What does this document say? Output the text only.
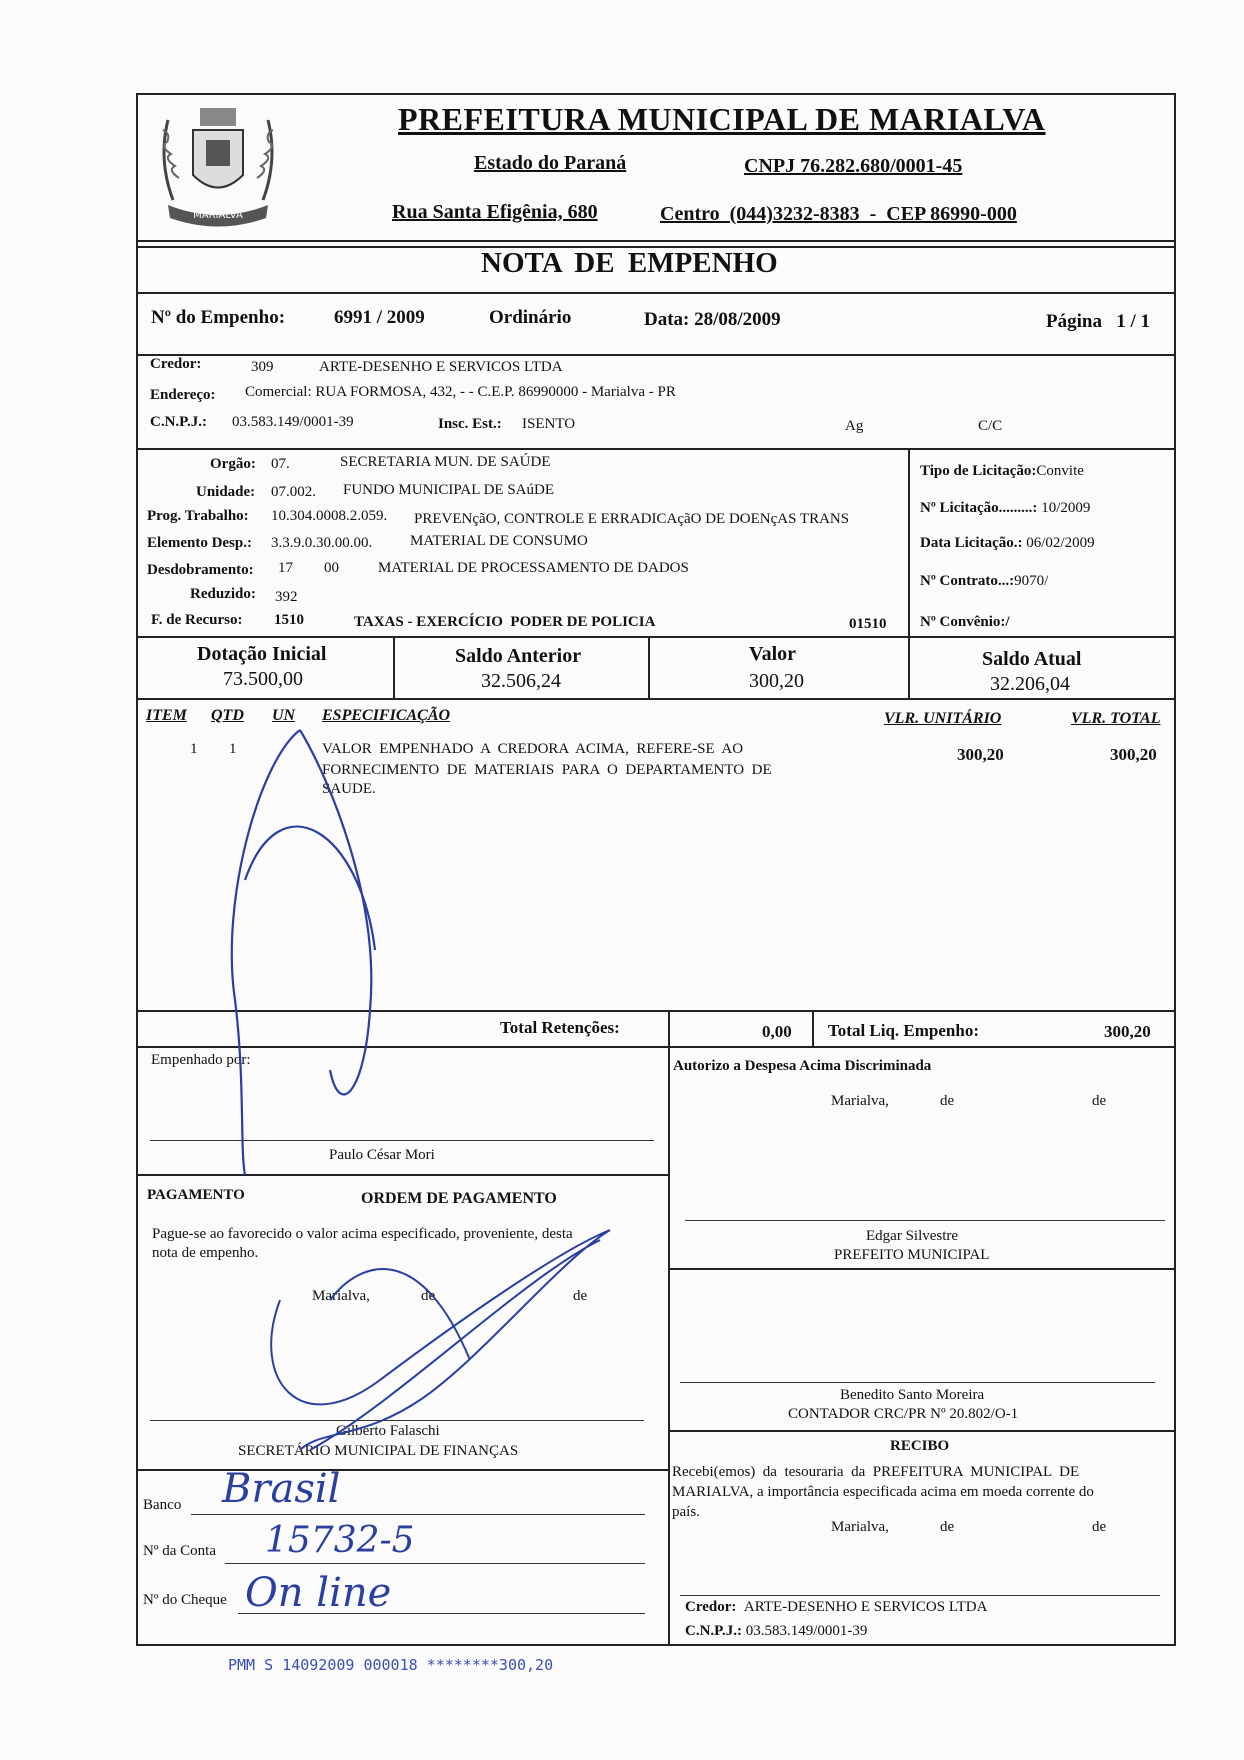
MARIALVA
PREFEITURA MUNICIPAL DE MARIALVA
Estado do Paraná	CNPJ 76.282.680/0001-45
Rua Santa Efigênia, 680	Centro  (044)3232-8383  -  CEP 86990-000
NOTA DE EMPENHO
Nº do Empenho:	6991 / 2009	Ordinário	Data: 28/08/2009	Página   1 / 1
Credor:	309	ARTE-DESENHO E SERVICOS LTDA
Endereço: Comercial: RUA FORMOSA, 432, - - C.E.P. 86990000 - Marialva - PR
C.N.P.J.: 03.583.149/0001-39	Insc. Est.: ISENTO	Ag	C/C
Orgão: 07.	SECRETARIA MUN. DE SAÚDE
Unidade: 07.002. FUNDO MUNICIPAL DE SAúDE
Prog. Trabalho: 10.304.0008.2.059. PREVENçãO, CONTROLE E ERRADICAçãO DE DOENçAS TRANS
Elemento Desp.: 3.3.9.0.30.00.00.	MATERIAL DE CONSUMO
Desdobramento: 17 00	MATERIAL DE PROCESSAMENTO DE DADOS
Reduzido: 392
F. de Recurso: 1510	TAXAS - EXERCÍCIO  PODER DE POLICIA	01510
Tipo de Licitação:Convite
Nº Licitação.........: 10/2009
Data Licitação.: 06/02/2009
Nº Contrato...:9070/
Nº Convênio:/
Dotação Inicial
73.500,00
Saldo Anterior
32.506,24
Valor
300,20
Saldo Atual
32.206,04
ITEM QTD UN ESPECIFICAÇÃO	VLR. UNITÁRIO	VLR. TOTAL
1 1	VALOR  EMPENHADO  A  CREDORA  ACIMA,  REFERE-SE  AO
FORNECIMENTO  DE  MATERIAIS  PARA  O  DEPARTAMENTO  DE
SAUDE.
300,20	300,20
Total Retenções:	0,00 Total Liq. Empenho:	300,20
Empenhado por:
Paulo César Mori
PAGAMENTO	ORDEM DE PAGAMENTO
Pague-se ao favorecido o valor acima especificado, proveniente, desta
nota de empenho.
Marialva,	de	de
Gilberto Falaschi
SECRETÁRIO MUNICIPAL DE FINANÇAS
Banco Brasil
Nº da Conta 15732-5
Nº do Cheque On line
Autorizo a Despesa Acima Discriminada
Marialva,	de	de
Edgar Silvestre
PREFEITO MUNICIPAL
Benedito Santo Moreira
CONTADOR CRC/PR Nº 20.802/O-1
RECIBO
Recebi(emos)  da  tesouraria  da  PREFEITURA  MUNICIPAL  DE
MARIALVA, a importância especificada acima em moeda corrente do
país.
Marialva,	de	de
Credor: ARTE-DESENHO E SERVICOS LTDA
C.N.P.J.: 03.583.149/0001-39
PMM S 14092009 000018 ********300,20
